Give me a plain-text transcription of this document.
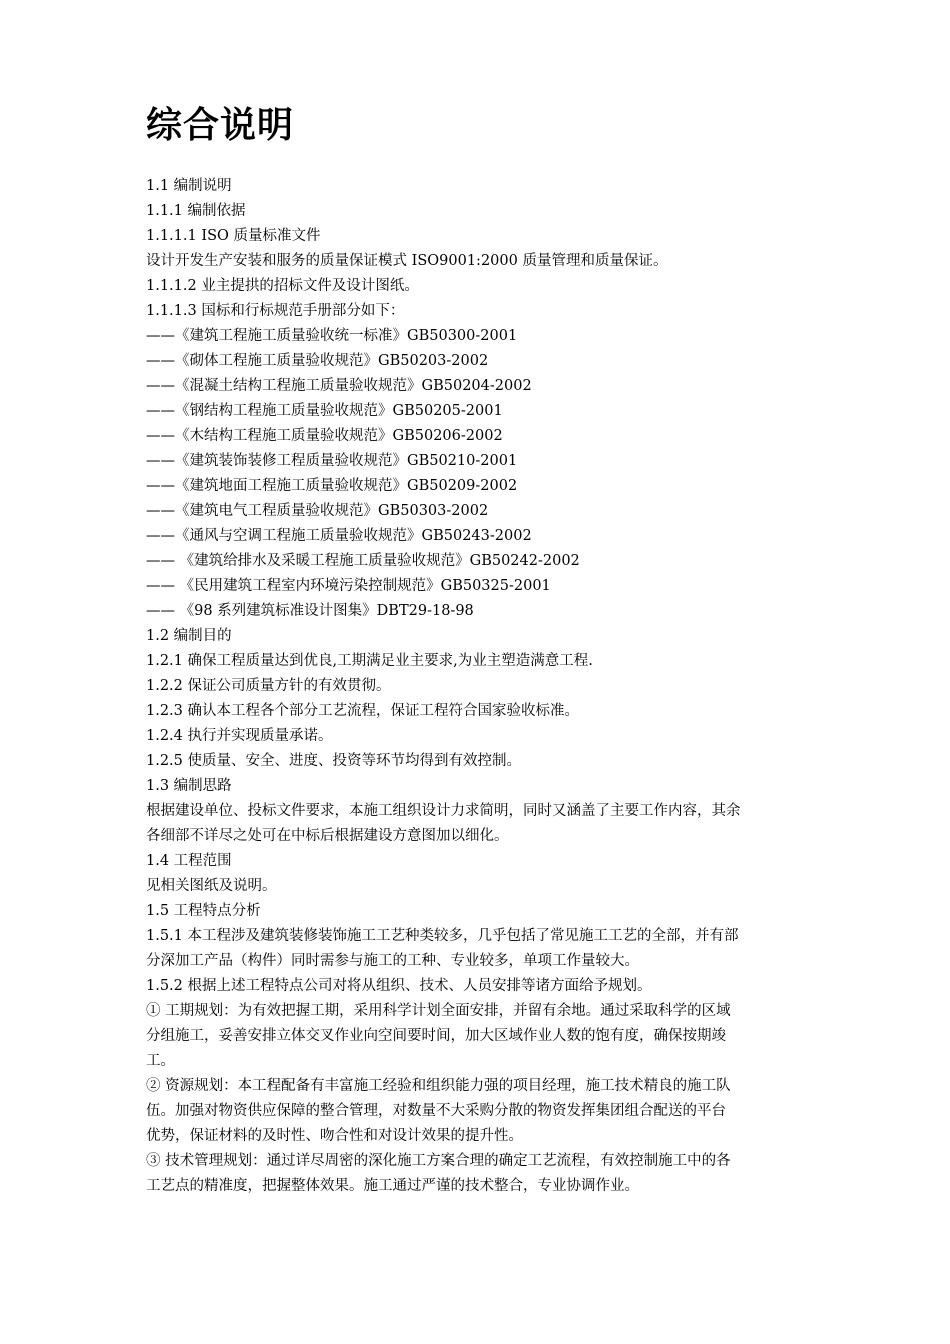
综合说明
1.1 编制说明
1.1.1 编制依据
1.1.1.1 ISO 质量标准文件
设计开发生产安装和服务的质量保证模式 ISO9001:2000 质量管理和质量保证。
1.1.1.2 业主提拱的招标文件及设计图纸。
1.1.1.3 国标和行标规范手册部分如下：
——《建筑工程施工质量验收统一标准》GB50300-2001
——《砌体工程施工质量验收规范》GB50203-2002
——《混凝土结构工程施工质量验收规范》GB50204-2002
——《钢结构工程施工质量验收规范》GB50205-2001
——《木结构工程施工质量验收规范》GB50206-2002
——《建筑装饰装修工程质量验收规范》GB50210-2001
——《建筑地面工程施工质量验收规范》GB50209-2002
——《建筑电气工程质量验收规范》GB50303-2002
——《通风与空调工程施工质量验收规范》GB50243-2002
—— 《建筑给排水及采暖工程施工质量验收规范》GB50242-2002
—— 《民用建筑工程室内环境污染控制规范》GB50325-2001
—— 《98 系列建筑标准设计图集》DBT29-18-98
1.2 编制目的
1.2.1 确保工程质量达到优良,工期满足业主要求,为业主塑造满意工程.
1.2.2 保证公司质量方针的有效贯彻。
1.2.3 确认本工程各个部分工艺流程，保证工程符合国家验收标准。
1.2.4 执行并实现质量承诺。
1.2.5 使质量、安全、进度、投资等环节均得到有效控制。
1.3 编制思路
根据建设单位、投标文件要求，本施工组织设计力求简明，同时又涵盖了主要工作内容，其余
各细部不详尽之处可在中标后根据建设方意图加以细化。
1.4 工程范围
见相关图纸及说明。
1.5 工程特点分析
1.5.1 本工程涉及建筑装修装饰施工工艺种类较多，几乎包括了常见施工工艺的全部，并有部
分深加工产品（构件）同时需参与施工的工种、专业较多，单项工作量较大。
1.5.2 根据上述工程特点公司对将从组织、技术、人员安排等诸方面给予规划。
① 工期规划：为有效把握工期，采用科学计划全面安排，并留有余地。通过采取科学的区域
分组施工，妥善安排立体交叉作业向空间要时间，加大区域作业人数的饱有度，确保按期竣
工。
② 资源规划：本工程配备有丰富施工经验和组织能力强的项目经理，施工技术精良的施工队
伍。加强对物资供应保障的整合管理，对数量不大采购分散的物资发挥集团组合配送的平台
优势，保证材料的及时性、吻合性和对设计效果的提升性。
③ 技术管理规划：通过详尽周密的深化施工方案合理的确定工艺流程，有效控制施工中的各
工艺点的精准度，把握整体效果。施工通过严谨的技术整合，专业协调作业。
